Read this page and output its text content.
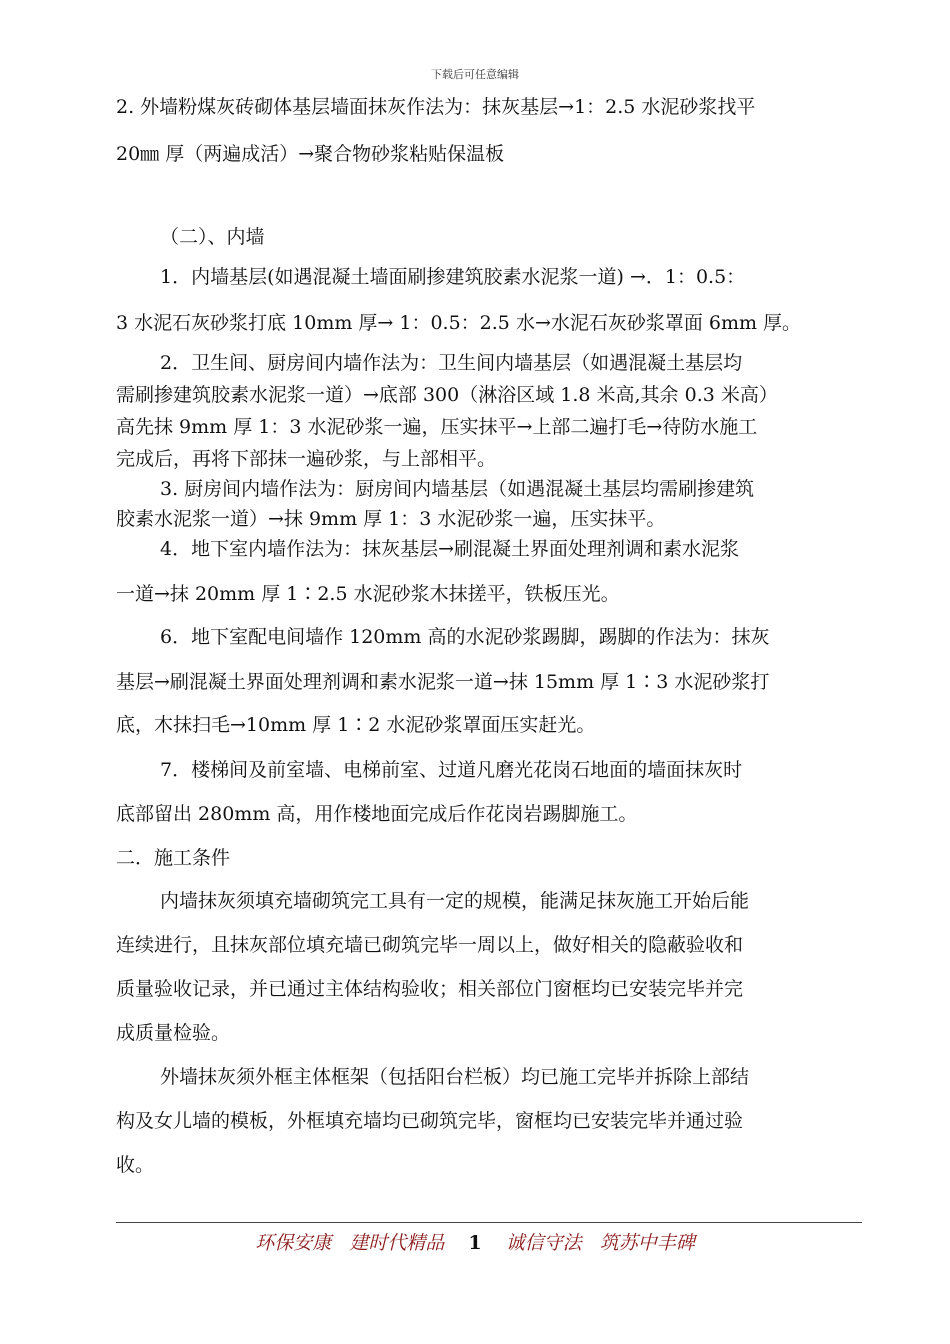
下载后可任意编辑
2. 外墙粉煤灰砖砌体基层墙面抹灰作法为：抹灰基层→1：2.5 水泥砂浆找平
20㎜ 厚（两遍成活）→聚合物砂浆粘贴保温板
（二）、内墙
1．内墙基层(如遇混凝土墙面刷掺建筑胶素水泥浆一道) →．1：0.5：
3 水泥石灰砂浆打底 10mm 厚→ 1：0.5：2.5 水→水泥石灰砂浆罩面 6mm 厚。
2．卫生间、厨房间内墙作法为：卫生间内墙基层（如遇混凝土基层均
需刷掺建筑胶素水泥浆一道）→底部 300（淋浴区域 1.8 米高,其余 0.3 米高）
高先抹 9mm 厚 1：3 水泥砂浆一遍，压实抹平→上部二遍打毛→待防水施工
完成后，再将下部抹一遍砂浆，与上部相平。
3. 厨房间内墙作法为：厨房间内墙基层（如遇混凝土基层均需刷掺建筑
胶素水泥浆一道）→抹 9mm 厚 1：3 水泥砂浆一遍，压实抹平。
4．地下室内墙作法为：抹灰基层→刷混凝土界面处理剂调和素水泥浆
一道→抹 20mm 厚 1∶2.5 水泥砂浆木抹搓平，铁板压光。
6．地下室配电间墙作 120mm 高的水泥砂浆踢脚，踢脚的作法为：抹灰
基层→刷混凝土界面处理剂调和素水泥浆一道→抹 15mm 厚 1∶3 水泥砂浆打
底，木抹扫毛→10mm 厚 1∶2 水泥砂浆罩面压实赶光。
7．楼梯间及前室墙、电梯前室、过道凡磨光花岗石地面的墙面抹灰时
底部留出 280mm 高，用作楼地面完成后作花岗岩踢脚施工。
二．施工条件
内墙抹灰须填充墙砌筑完工具有一定的规模，能满足抹灰施工开始后能
连续进行，且抹灰部位填充墙已砌筑完毕一周以上，做好相关的隐蔽验收和
质量验收记录，并已通过主体结构验收；相关部位门窗框均已安装完毕并完
成质量检验。
外墙抹灰须外框主体框架（包括阳台栏板）均已施工完毕并拆除上部结
构及女儿墙的模板，外框填充墙均已砌筑完毕，窗框均已安装完毕并通过验
收。
环保安康   建时代精品 1 诚信守法   筑苏中丰碑
